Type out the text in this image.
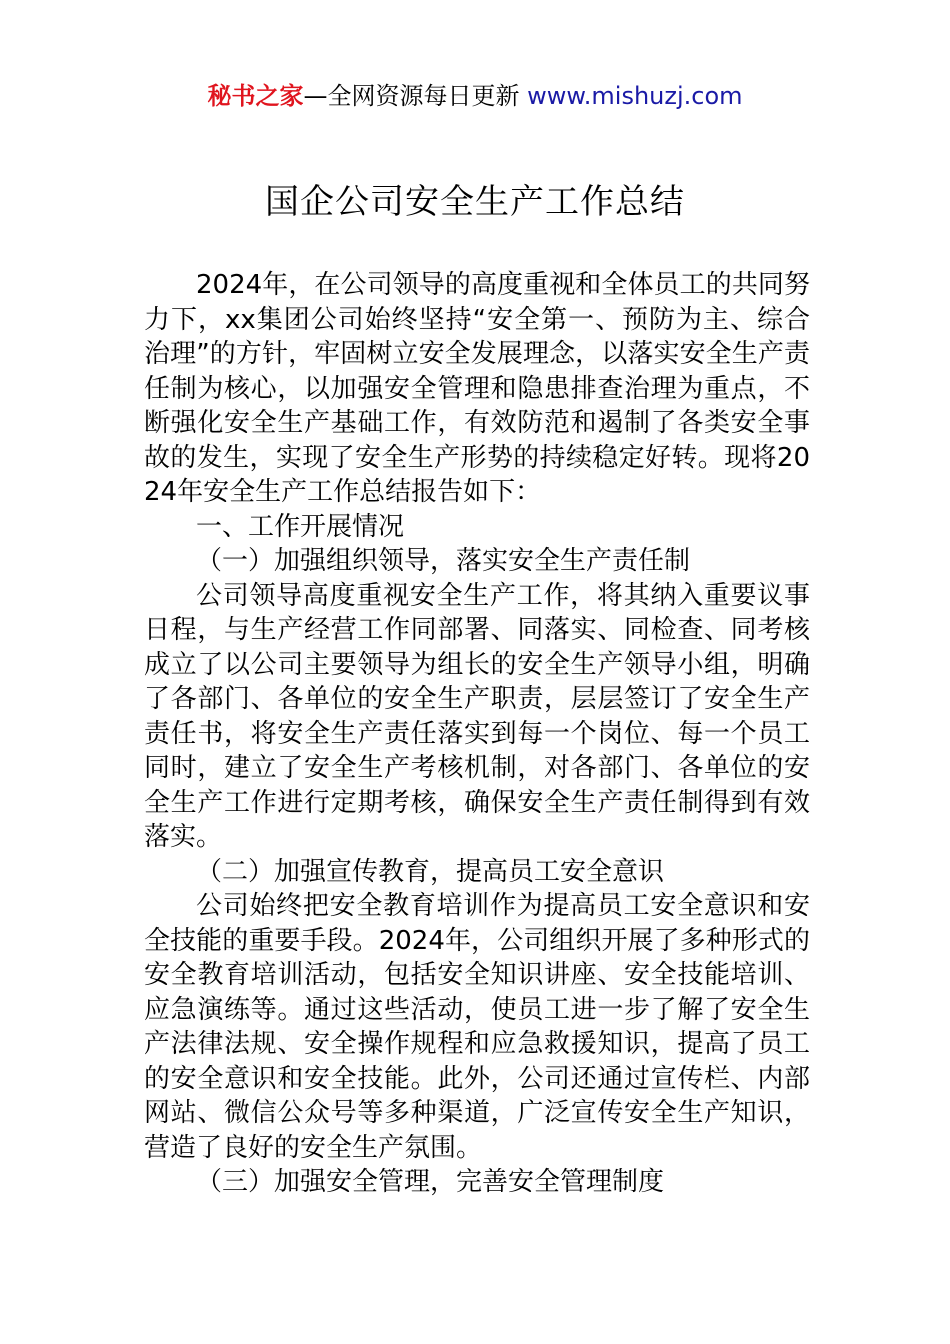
秘书之家—全网资源每日更新 www.mishuzj.com
国企公司安全生产工作总结

2024年，在公司领导的高度重视和全体员工的共同努力下，xx集团公司始终坚持“安全第一、预防为主、综合治理”的方针，牢固树立安全发展理念，以落实安全生产责任制为核心，以加强安全管理和隐患排查治理为重点，不断强化安全生产基础工作，有效防范和遏制了各类安全事故的发生，实现了安全生产形势的持续稳定好转。现将2024年安全生产工作总结报告如下：

一、工作开展情况

（一）加强组织领导，落实安全生产责任制

公司领导高度重视安全生产工作，将其纳入重要议事日程，与生产经营工作同部署、同落实、同检查、同考核成立了以公司主要领导为组长的安全生产领导小组，明确了各部门、各单位的安全生产职责，层层签订了安全生产责任书，将安全生产责任落实到每一个岗位、每一个员工同时，建立了安全生产考核机制，对各部门、各单位的安全生产工作进行定期考核，确保安全生产责任制得到有效落实。

（二）加强宣传教育，提高员工安全意识

公司始终把安全教育培训作为提高员工安全意识和安全技能的重要手段。2024年，公司组织开展了多种形式的安全教育培训活动，包括安全知识讲座、安全技能培训、应急演练等。通过这些活动，使员工进一步了解了安全生产法律法规、安全操作规程和应急救援知识，提高了员工的安全意识和安全技能。此外，公司还通过宣传栏、内部网站、微信公众号等多种渠道，广泛宣传安全生产知识，营造了良好的安全生产氛围。

（三）加强安全管理，完善安全管理制度
